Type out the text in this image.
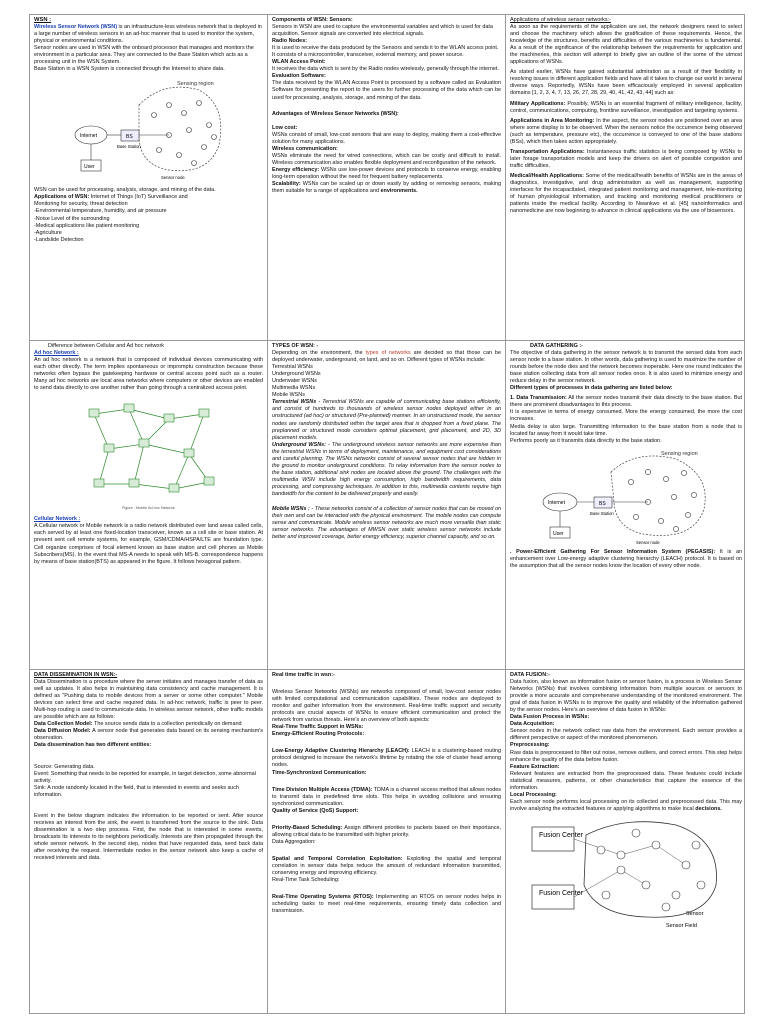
WSN :

Wireless Sensor Network (WSN) is an infrastructure-less wireless network that is deployed in a large number of wireless sensors in an ad-hoc manner that is used to monitor the system, physical or environmental conditions.

Sensor nodes are used in WSN with the onboard processor that manages and monitors the environment in a particular area. They are connected to the Base Station which acts as a processing unit in the WSN System.

Base Station in a WSN System is connected through the Internet to share data.

Sensing region
BS
Base Station
Internet
User
Sensor node

WSN can be used for processing, analysis, storage, and mining of the data.

Applications of WSN: Internet of Things (IoT) Surveillance and

Monitoring for security, threat detection

-Environmental temperature, humidity, and air pressure

-Noise Level of the surrounding

-Medical applications like patient monitoring

-Agriculture

-Landslide Detection

Components of WSN: Sensors:

Sensors in WSN are used to capture the environmental variables and which is used for data acquisition. Sensor signals are converted into electrical signals.

Radio Nodes:

It is used to receive the data produced by the Sensors and sends it to the WLAN access point. It consists of a microcontroller, transceiver, external memory, and power source.

WLAN Access Point:

It receives the data which is sent by the Radio nodes wirelessly, generally through the internet.

Evaluation Software:

The data received by the WLAN Access Point is processed by a software called as Evaluation Software for presenting the report to the users for further processing of the data which can be used for processing, analysis, storage, and mining of the data.

Advantages of Wireless Sensor Networks (WSN):

Low cost:

WSNs consist of small, low-cost sensors that are easy to deploy, making them a cost-effective solution for many applications.

Wireless communication:

WSNs eliminate the need for wired connections, which can be costly and difficult to install. Wireless communication also enables flexible deployment and reconfiguration of the network.

Energy efficiency: WSNs use low-power devices and protocols to conserve energy, enabling long-term operation without the need for frequent battery replacements.

Scalability: WSNs can be scaled up or down easily by adding or removing sensors, making them suitable for a range of applications and environments.

Applications of wireless sensor networks:-

As soon as the requirements of the application are set, the network designers need to select and choose the machinery which allows the gratification of these requirements. Hence, the knowledge of the structures, benefits and difficulties of the various machineries is fundamental. As a result of the significance of the relationship between the requirements for application and the machineries, this section will attempt to briefly give an outline of the some of the utmost applications of WSNs.

As stated earlier, WSNs have gained substantial admiration as a result of their flexibility in resolving issues in different application fields and have all it takes to change our world in several diverse ways. Reportedly, WSNs have been efficaciously employed in several application domains [1, 2, 3, 4, 7, 13, 26, 27, 28, 29, 40, 41, 42, 43, 44] such as:

Military Applications: Possibly, WSNs is an essential fragment of military intelligence, facility, control, communications, computing, frontline surveillance, investigation and targeting systems.

Applications in Area Monitoring: In the aspect, the sensor nodes are positioned over an area where some display is to be observed. When the sensors notice the occurrence being observed (such as temperature, pressure etc), the occurrence is conveyed to one of the base stations (BSs), which then takes action appropriately.

Transportation Applications: Instantaneous traffic statistics is being composed by WSNs to later forage transportation models and keep the drivers on alert of possible congestion and traffic difficulties.

Medical/Health Applications: Some of the medical/health benefits of WSNs are in the areas of diagnostics, investigative, and drug administration as well as management, supporting interfaces for the incapacitated, integrated patient monitoring and management, tele-monitoring of human physiological information, and tracking and monitoring medical practitioners or patients inside the medical facility. According to Nwankwo et al. [45] nanoinformatics and nanomedicine are now beginning to advance in clinical applications via the use of biosensors.

Difference between Cellular and Ad hoc network

Ad hoc Network :

An ad hoc network is a network that is composed of individual devices communicating with each other directly. The term implies spontaneous or impromptu construction because these networks often bypass the gatekeeping hardware or central access point such as a router. Many ad hoc networks are local area networks where computers or other devices are enabled to send data directly to one another rather than going through a centralized access point.

Figure : Mobile Ad hoc Network

Cellular Network :

A Cellular network or Mobile network is a radio network distributed over land areas called cells, each served by at least one fixed-location transceiver, known as a cell site or base station. At present sent cell remote systems, for example, GSM/CDMA/HSPA/LTE are foundation type. Cell organize comprises of focal element known as base station and cell phones as Mobile Subscribers(MS). In the event that MS-A needs to speak with MS-B, correspondence happens by means of base station(BTS) as appeared in the figure. It follows hexagonal pattern.

TYPES OF WSN: -

Depending on the environment, the types of networks are decided so that those can be deployed underwater, underground, on land, and so on. Different types of WSNs include:

Terrestrial WSNs

Underground WSNs

Underwater WSNs

Multimedia WSNs

Mobile WSNs

Terrestrial WSNs - Terrestrial WSNs are capable of communicating base stations efficiently, and consist of hundreds to thousands of wireless sensor nodes deployed either in an unstructured (ad hoc) or structured (Pre-planned) manner. In an unstructured mode, the sensor nodes are randomly distributed within the target area that is dropped from a fixed plane. The preplanned or structured mode considers optimal placement, grid placement, and 2D, 3D placement models.

Underground WSNs: - The underground wireless sensor networks are more expensive than the terrestrial WSNs in terms of deployment, maintenance, and equipment cost considerations and careful planning. The WSNs networks consist of several sensor nodes that are hidden in the ground to monitor underground conditions. To relay information from the sensor nodes to the base station, additional sink nodes are located above the ground. The challenges with the multimedia WSN include high energy consumption, high bandwidth requirements, data processing, and compressing techniques. In addition to this, multimedia contents require high bandwidth for the content to be delivered properly and easily.

Mobile WSNs : - These networks consist of a collection of sensor nodes that can be moved on their own and can be interacted with the physical environment. The mobile nodes can compute sense and communicate. Mobile wireless sensor networks are much more versatile than static sensor networks. The advantages of MWSN over static wireless sensor networks include better and improved coverage, better energy efficiency, superior channel capacity, and so on.

DATA GATHERING :-

The objective of data gathering in the sensor network is to transmit the sensed data from each sensor node to a base station. In other words, data gathering is used to maximize the number of rounds before the node dies and the network becomes inoperable. Here one round indicates the base station collecting data from all sensor nodes once. It is also used to minimize energy and reduce delay in the sensor network.

Different types of processes in data gathering are listed below:

1. Data Transmission: All the sensor nodes transmit their data directly to the base station. But there are prominent disadvantages to this process.

It is expensive in terms of energy consumed. More the energy consumed, the more the cost increases.

Media delay is also large. Transmitting information to the base station from a node that is located far away from it would take time.

Performs poorly as it transmits data directly to the base station.

Sensing region
BS
Base Station
Internet
User
Sensor node

. Power-Efficient Gathering For Sensor Information System (PEGASIS): It is an enhancement over Low-energy adaptive clustering hierarchy (LEACH) protocol. It is based on the assumption that all the sensor nodes know the location of every other node.

DATA DISSEMINATION IN WSN:-

Data Dissemination is a procedure where the server initiates and manages transfer of data as well as updates. It also helps in maintaining data consistency and cache management. It is defined as "Pushing data to mobile devices from a server or some other computer." Mobile devices can select time and cache required data. In ad-hoc network, traffic is peer to peer. Multi-hop routing is used to communicate data. In wireless sensor network, other traffic models are possible which are as follows:

Data Collection Model: The source sends data to a collection periodically on demand

Data Diffusion Model: A sensor node that generates data based on its sensing mechanism's observation.

Data dissemination has two different entities:

Source: Generating data.

Event: Something that needs to be reported for example, in target detection, some abnormal activity.

Sink: A node randomly located in the field, that is interested in events and seeks such information.

Event in the below diagram indicates the information to be reported or sent. After source receives an interest from the sink, the event is transferred from the source to the sink. Data dissemination is a two step process. First, the node that is interested in some events, broadcasts its interests to its neighbors periodically. Interests are then propagated through the whole sensor network. In the second step, nodes that have requested data, send back data after receiving the request. Intermediate nodes in the sensor network also keep a cache of received interests and data.

Real time traffic in wsn:-

Wireless Sensor Networks (WSNs) are networks composed of small, low-cost sensor nodes with limited computational and communication capabilities. These nodes are deployed to monitor and gather information from the environment. Real-time traffic support and security protocols are crucial aspects of WSNs to ensure efficient communication and protect the network from various threats. Here's an overview of both aspects:

Real-Time Traffic Support in WSNs:

Energy-Efficient Routing Protocols:

Low-Energy Adaptive Clustering Hierarchy (LEACH): LEACH is a clustering-based routing protocol designed to increase the network's lifetime by rotating the role of cluster head among nodes.

Time-Synchronized Communication:

Time Division Multiple Access (TDMA): TDMA is a channel access method that allows nodes to transmit data in predefined time slots. This helps in avoiding collisions and ensuring synchronized communication.

Quality of Service (QoS) Support:

Priority-Based Scheduling: Assign different priorities to packets based on their importance, allowing critical data to be transmitted with higher priority.

Data Aggregation:

Spatial and Temporal Correlation Exploitation: Exploiting the spatial and temporal correlation in sensor data helps reduce the amount of redundant information transmitted, conserving energy and improving efficiency.

Real-Time Task Scheduling:

Real-Time Operating Systems (RTOS): Implementing an RTOS on sensor nodes helps in scheduling tasks to meet real-time requirements, ensuring timely data collection and transmission.

DATA FUSION:-

Data fusion, also known as information fusion or sensor fusion, is a process in Wireless Sensor Networks (WSNs) that involves combining information from multiple sources or sensors to provide a more accurate and comprehensive understanding of the monitored environment. The goal of data fusion in WSNs is to improve the quality and reliability of the information gathered by the sensor nodes. Here's an overview of data fusion in WSNs:

Data Fusion Process in WSNs:

Data Acquisition:

Sensor nodes in the network collect raw data from the environment. Each sensor provides a different perspective or aspect of the monitored phenomenon.

Preprocessing:

Raw data is preprocessed to filter out noise, remove outliers, and correct errors. This step helps enhance the quality of the data before fusion.

Feature Extraction:

Relevant features are extracted from the preprocessed data. These features could include statistical measures, patterns, or other characteristics that capture the essence of the information.

Local Processing:

Each sensor node performs local processing on its collected and preprocessed data. This may involve analyzing the extracted features or applying algorithms to make local decisions.

Fusion Center
Fusion Center
Sensor
Sensor Field
